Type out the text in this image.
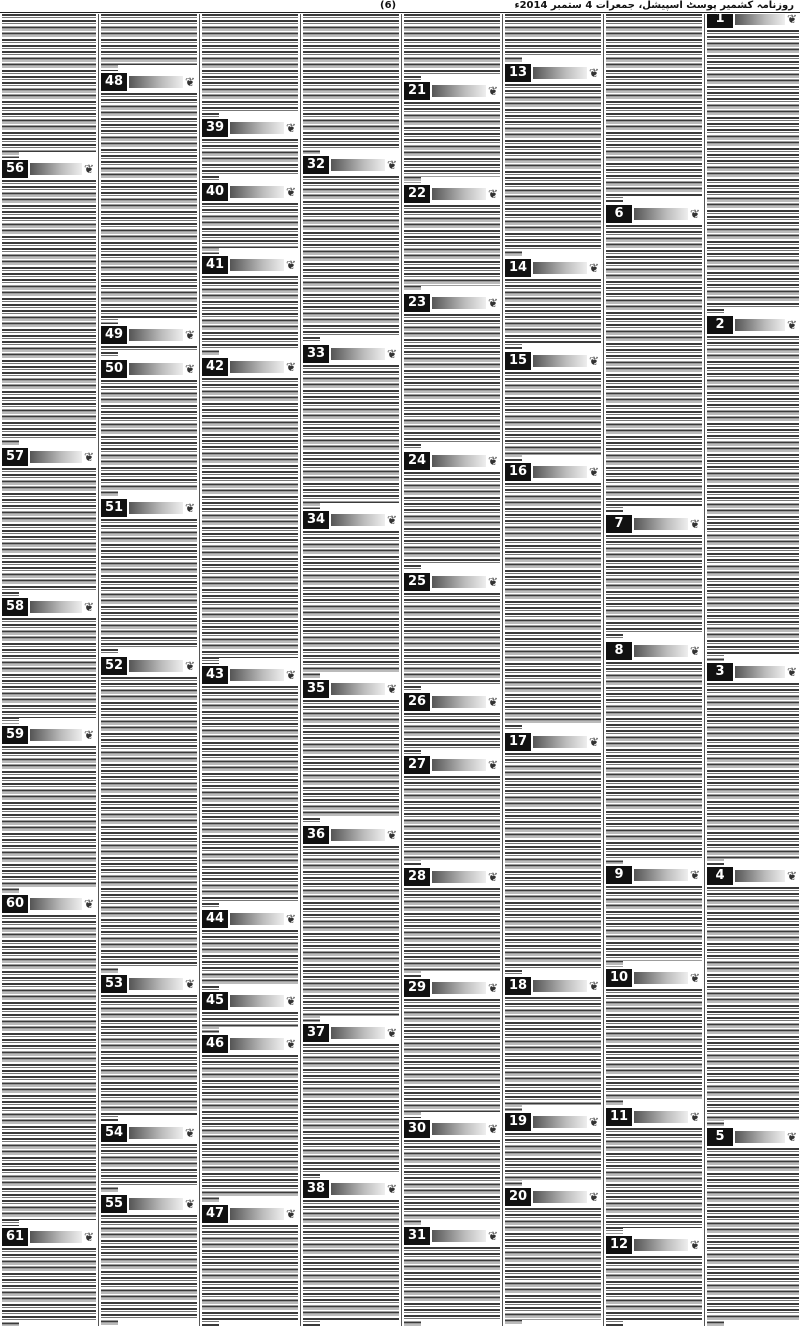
(6)	روزنامہ کشمیر پوسٹ اسپیشل، جمعرات 4 ستمبر 2014ء
56	❦
57	❦
58	❦
59	❦
60	❦
61	❦
48	❦
49	❦
50	❦
51	❦
52	❦
53	❦
54	❦
55	❦
39	❦
40	❦
41	❦
42	❦
43	❦
44	❦
45	❦
46	❦
47	❦
32	❦
33	❦
34	❦
35	❦
36	❦
37	❦
38	❦
21	❦
22	❦
23	❦
24	❦
25	❦
26	❦
27	❦
28	❦
29	❦
30	❦
31	❦
13	❦
14	❦
15	❦
16	❦
17	❦
18	❦
19	❦
20	❦
6	❦
7	❦
8	❦
9	❦
10	❦
11	❦
12	❦
1	❦
2	❦
3	❦
4	❦
5	❦
